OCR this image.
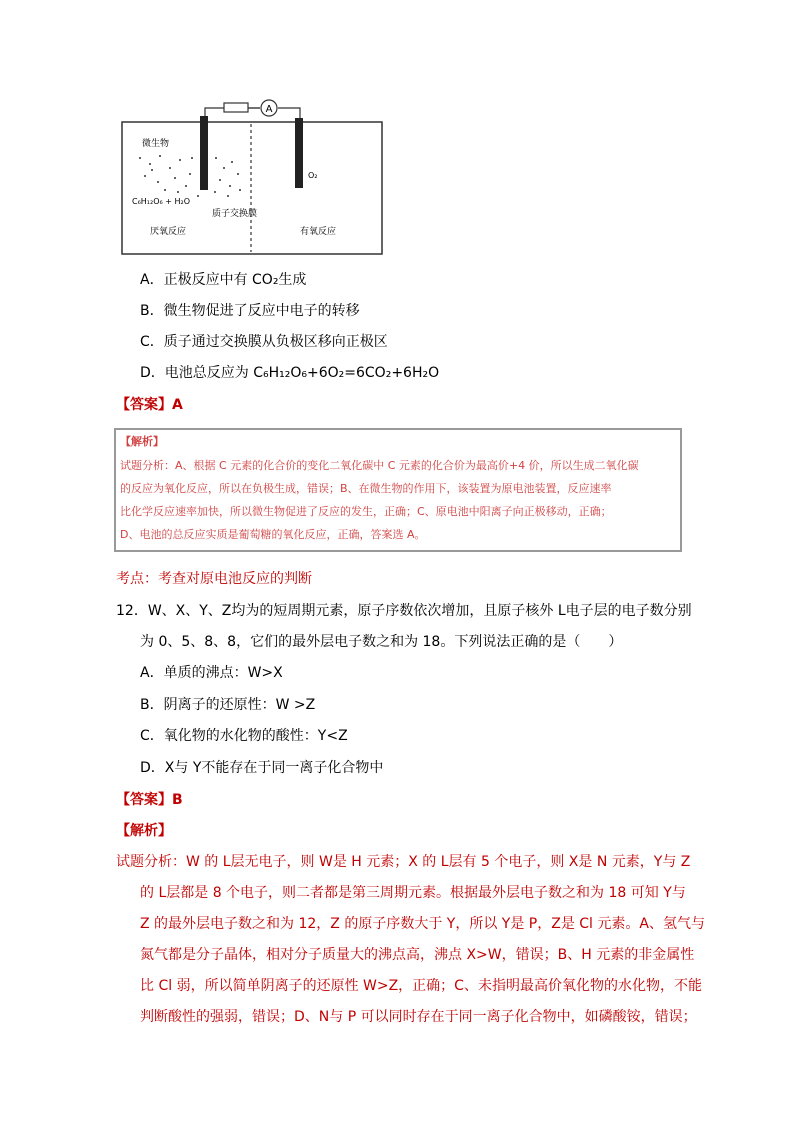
A
微生物
C₆H₁₂O₆ + H₂O
质子交换膜
O₂
厌氧反应	有氧反应
A．正极反应中有 CO₂生成
B．微生物促进了反应中电子的转移
C．质子通过交换膜从负极区移向正极区
D．电池总反应为 C₆H₁₂O₆+6O₂=6CO₂+6H₂O
【答案】A
【解析】
试题分析：A、根据 C 元素的化合价的变化二氧化碳中 C 元素的化合价为最高价+4 价，所以生成二氧化碳
的反应为氧化反应，所以在负极生成，错误；B、在微生物的作用下，该装置为原电池装置，反应速率
比化学反应速率加快，所以微生物促进了反应的发生，正确；C、原电池中阳离子向正极移动，正确；
D、电池的总反应实质是葡萄糖的氧化反应，正确，答案选 A。
考点：考查对原电池反应的判断
12．W、X、Y、Z均为的短周期元素，原子序数依次增加，且原子核外 L电子层的电子数分别
为 0、5、8、8，它们的最外层电子数之和为 18。下列说法正确的是（　　）
A．单质的沸点：W>X
B．阴离子的还原性：W >Z
C．氧化物的水化物的酸性：Y<Z
D．X与 Y不能存在于同一离子化合物中
【答案】B
【解析】
试题分析：W 的 L层无电子，则 W是 H 元素；X 的 L层有 5 个电子，则 X是 N 元素，Y与 Z
的 L层都是 8 个电子，则二者都是第三周期元素。根据最外层电子数之和为 18 可知 Y与
Z 的最外层电子数之和为 12，Z 的原子序数大于 Y，所以 Y是 P，Z是 Cl 元素。A、氢气与
氮气都是分子晶体，相对分子质量大的沸点高，沸点 X>W，错误；B、H 元素的非金属性
比 Cl 弱，所以简单阴离子的还原性 W>Z，正确；C、未指明最高价氧化物的水化物，不能
判断酸性的强弱，错误；D、N与 P 可以同时存在于同一离子化合物中，如磷酸铵，错误；
